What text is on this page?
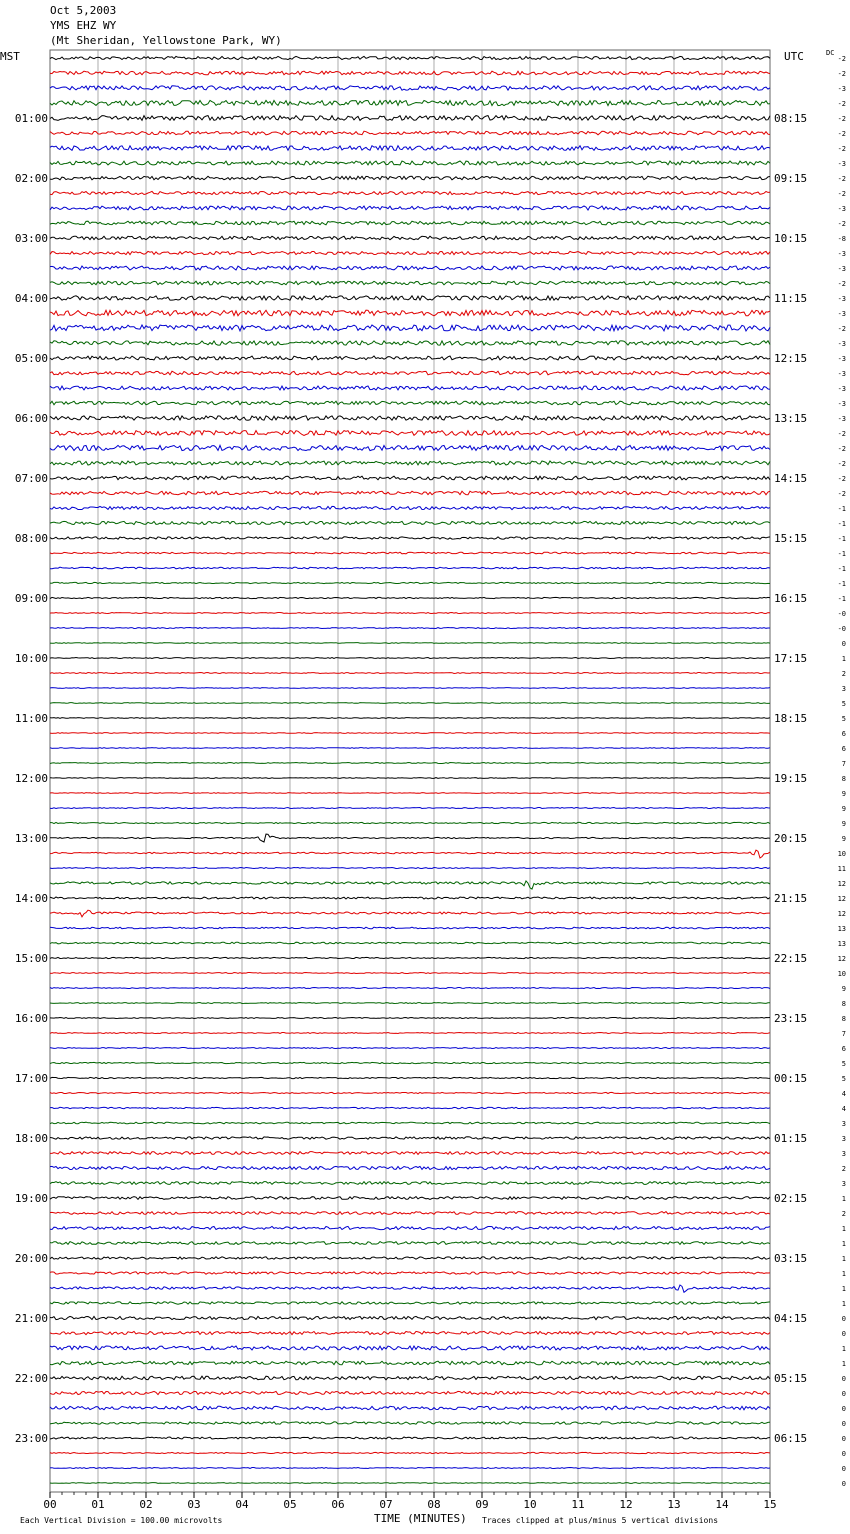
Oct 5,2003
YMS EHZ WY
(Mt Sheridan, Yellowstone Park, WY)
MST	UTC	DC
00	01	02	03	04	05	06	07	08	09	10	11	12	13	14	15
-2
-2
-3
-2
-2
01:00	08:15
-2
-2
-3
-2
02:00	09:15
-2
-3
-2
-8
03:00	10:15
-3
-3
-2
-3
04:00	11:15
-3
-2
-3
-3
05:00	12:15
-3
-3
-3
-3
06:00	13:15
-2
-2
-2
-2
07:00	14:15
-2
-1
-1
-1
08:00	15:15
-1
-1
-1
-1
09:00	16:15
-0
-0
0
1
10:00	17:15
2
3
5
5
11:00	18:15
6
6
7
8
12:00	19:15
9
9
9
9
13:00	20:15
10
11
12
12
14:00	21:15
12
13
13
12
15:00	22:15
10
9
8
8
16:00	23:15
7
6
5
5
17:00	00:15
4
4
3
3
18:00	01:15
3
2
3
1
19:00	02:15
2
1
1
1
20:00	03:15
1
1
1
0
21:00	04:15
0
1
1
0
22:00	05:15
0
0
0
0
23:00	06:15
0
0
0
Each Vertical Division = 100.00 microvolts	TIME (MINUTES) Traces clipped at plus/minus 5 vertical divisions
